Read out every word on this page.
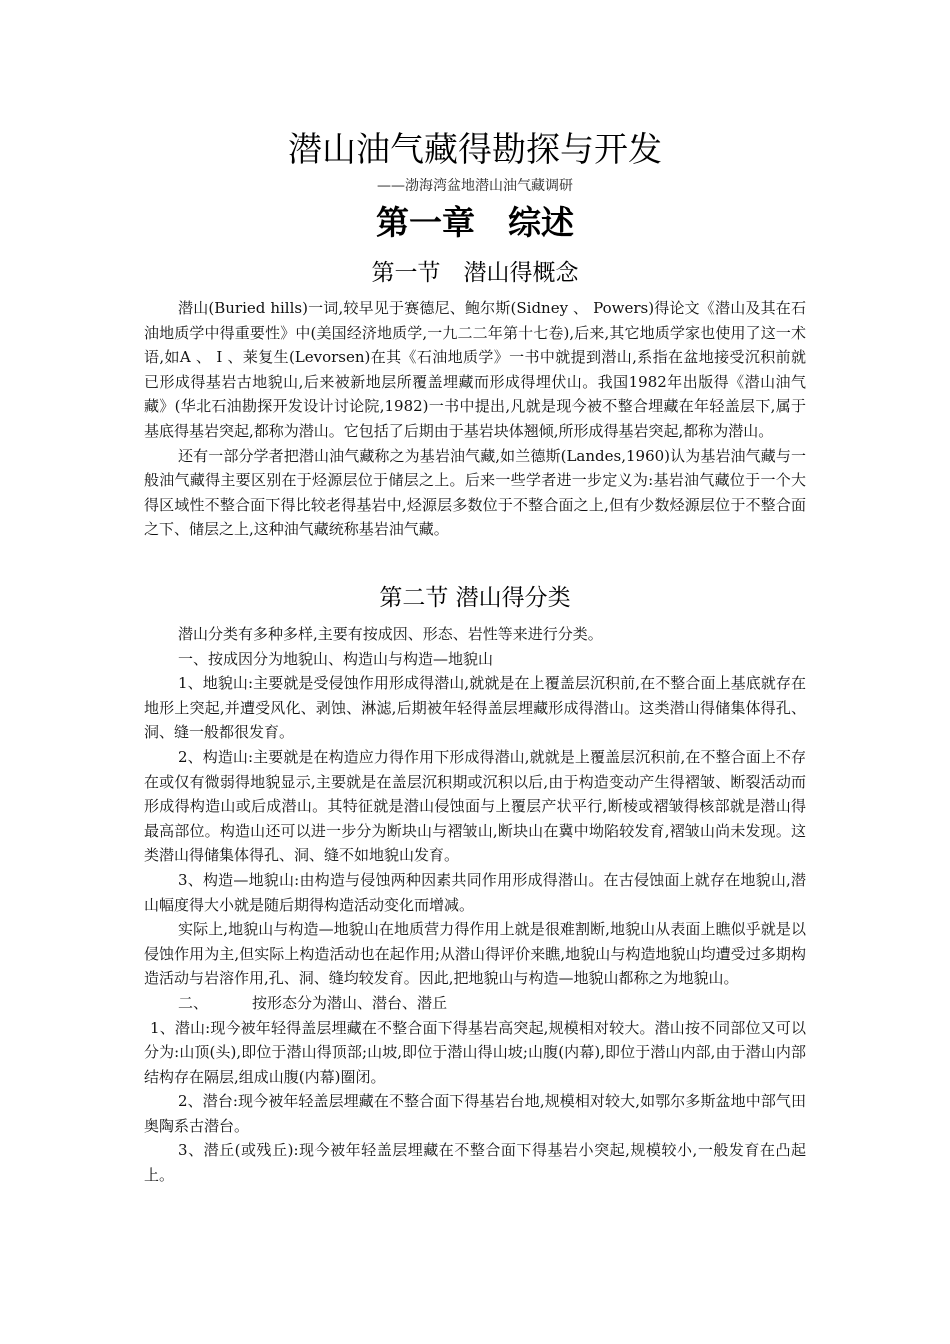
潜山油气藏得勘探与开发
——渤海湾盆地潜山油气藏调研
第一章　综述
第一节　潜山得概念

潜山(Buried hills)一词,较早见于赛德尼、鲍尔斯(Sidney 、 Powers)得论文《潜山及其在石油地质学中得重要性》中(美国经济地质学,一九二二年第十七卷),后来,其它地质学家也使用了这一术语,如A 、 I 、莱复生(Levorsen)在其《石油地质学》一书中就提到潜山,系指在盆地接受沉积前就已形成得基岩古地貌山,后来被新地层所覆盖埋藏而形成得埋伏山。我国1982年出版得《潜山油气藏》(华北石油勘探开发设计讨论院,1982)一书中提出,凡就是现今被不整合埋藏在年轻盖层下,属于基底得基岩突起,都称为潜山。它包括了后期由于基岩块体翘倾,所形成得基岩突起,都称为潜山。

还有一部分学者把潜山油气藏称之为基岩油气藏,如兰德斯(Landes,1960)认为基岩油气藏与一般油气藏得主要区别在于烃源层位于储层之上。后来一些学者进一步定义为:基岩油气藏位于一个大得区域性不整合面下得比较老得基岩中,烃源层多数位于不整合面之上,但有少数烃源层位于不整合面之下、储层之上,这种油气藏统称基岩油气藏。

第二节 潜山得分类

潜山分类有多种多样,主要有按成因、形态、岩性等来进行分类。

一、按成因分为地貌山、构造山与构造—地貌山

1、地貌山:主要就是受侵蚀作用形成得潜山,就就是在上覆盖层沉积前,在不整合面上基底就存在地形上突起,并遭受风化、剥蚀、淋滤,后期被年轻得盖层埋藏形成得潜山。这类潜山得储集体得孔、洞、缝一般都很发育。

2、构造山:主要就是在构造应力得作用下形成得潜山,就就是上覆盖层沉积前,在不整合面上不存在或仅有微弱得地貌显示,主要就是在盖层沉积期或沉积以后,由于构造变动产生得褶皱、断裂活动而形成得构造山或后成潜山。其特征就是潜山侵蚀面与上覆层产状平行,断棱或褶皱得核部就是潜山得最高部位。构造山还可以进一步分为断块山与褶皱山,断块山在冀中坳陷较发育,褶皱山尚未发现。这类潜山得储集体得孔、洞、缝不如地貌山发育。

3、构造—地貌山:由构造与侵蚀两种因素共同作用形成得潜山。在古侵蚀面上就存在地貌山,潜山幅度得大小就是随后期得构造活动变化而增减。

实际上,地貌山与构造—地貌山在地质营力得作用上就是很难割断,地貌山从表面上瞧似乎就是以侵蚀作用为主,但实际上构造活动也在起作用;从潜山得评价来瞧,地貌山与构造地貌山均遭受过多期构造活动与岩溶作用,孔、洞、缝均较发育。因此,把地貌山与构造—地貌山都称之为地貌山。

二、	按形态分为潜山、潜台、潜丘

1、潜山:现今被年轻得盖层埋藏在不整合面下得基岩高突起,规模相对较大。潜山按不同部位又可以分为:山顶(头),即位于潜山得顶部;山坡,即位于潜山得山坡;山腹(内幕),即位于潜山内部,由于潜山内部结构存在隔层,组成山腹(内幕)圈闭。

2、潜台:现今被年轻盖层埋藏在不整合面下得基岩台地,规模相对较大,如鄂尔多斯盆地中部气田奥陶系古潜台。

3、潜丘(或残丘):现今被年轻盖层埋藏在不整合面下得基岩小突起,规模较小,一般发育在凸起上。
